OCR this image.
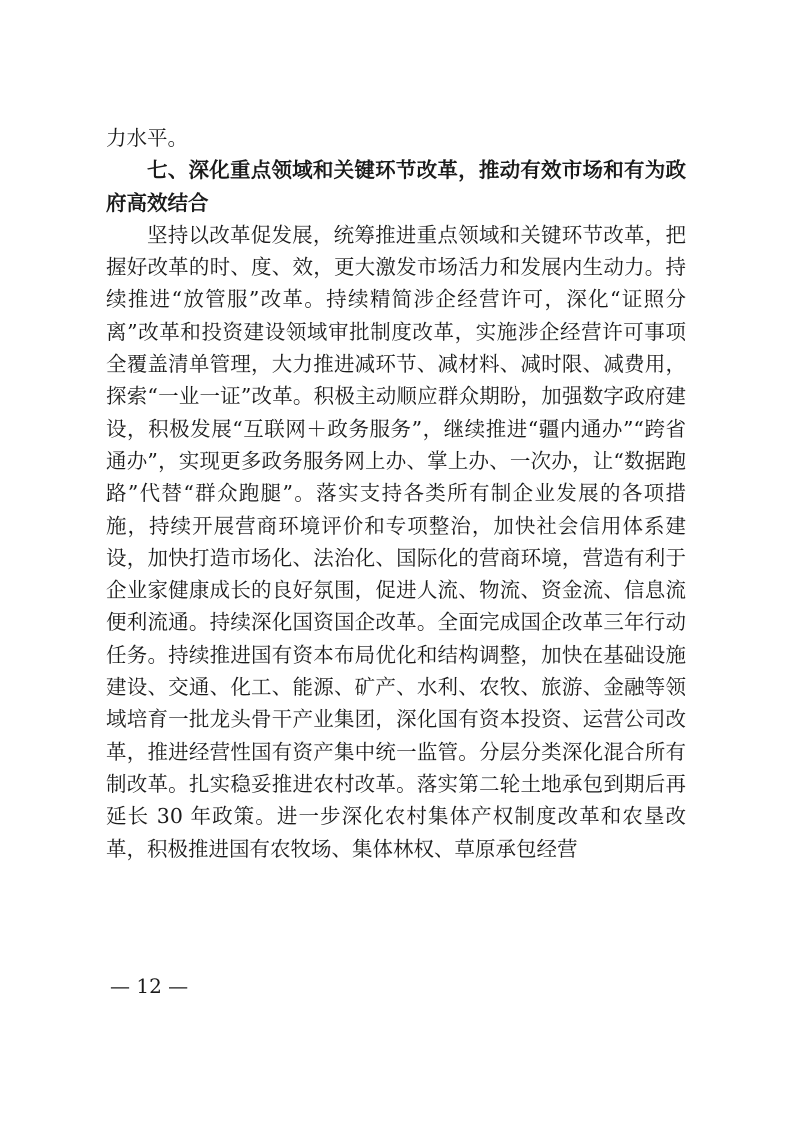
力水平。

七、深化重点领域和关键环节改革，推动有效市场和有为政府高效结合

坚持以改革促发展，统筹推进重点领域和关键环节改革，把握好改革的时、度、效，更大激发市场活力和发展内生动力。持续推进“放管服”改革。持续精简涉企经营许可，深化“证照分离”改革和投资建设领域审批制度改革，实施涉企经营许可事项全覆盖清单管理，大力推进减环节、减材料、减时限、减费用，探索“一业一证”改革。积极主动顺应群众期盼，加强数字政府建设，积极发展“互联网＋政务服务”，继续推进“疆内通办”“跨省通办”，实现更多政务服务网上办、掌上办、一次办，让“数据跑路”代替“群众跑腿”。落实支持各类所有制企业发展的各项措施，持续开展营商环境评价和专项整治，加快社会信用体系建设，加快打造市场化、法治化、国际化的营商环境，营造有利于企业家健康成长的良好氛围，促进人流、物流、资金流、信息流便利流通。持续深化国资国企改革。全面完成国企改革三年行动任务。持续推进国有资本布局优化和结构调整，加快在基础设施建设、交通、化工、能源、矿产、水利、农牧、旅游、金融等领域培育一批龙头骨干产业集团，深化国有资本投资、运营公司改革，推进经营性国有资产集中统一监管。分层分类深化混合所有制改革。扎实稳妥推进农村改革。落实第二轮土地承包到期后再延长 30 年政策。进一步深化农村集体产权制度改革和农垦改革，积极推进国有农牧场、集体林权、草原承包经营

— 12 —
